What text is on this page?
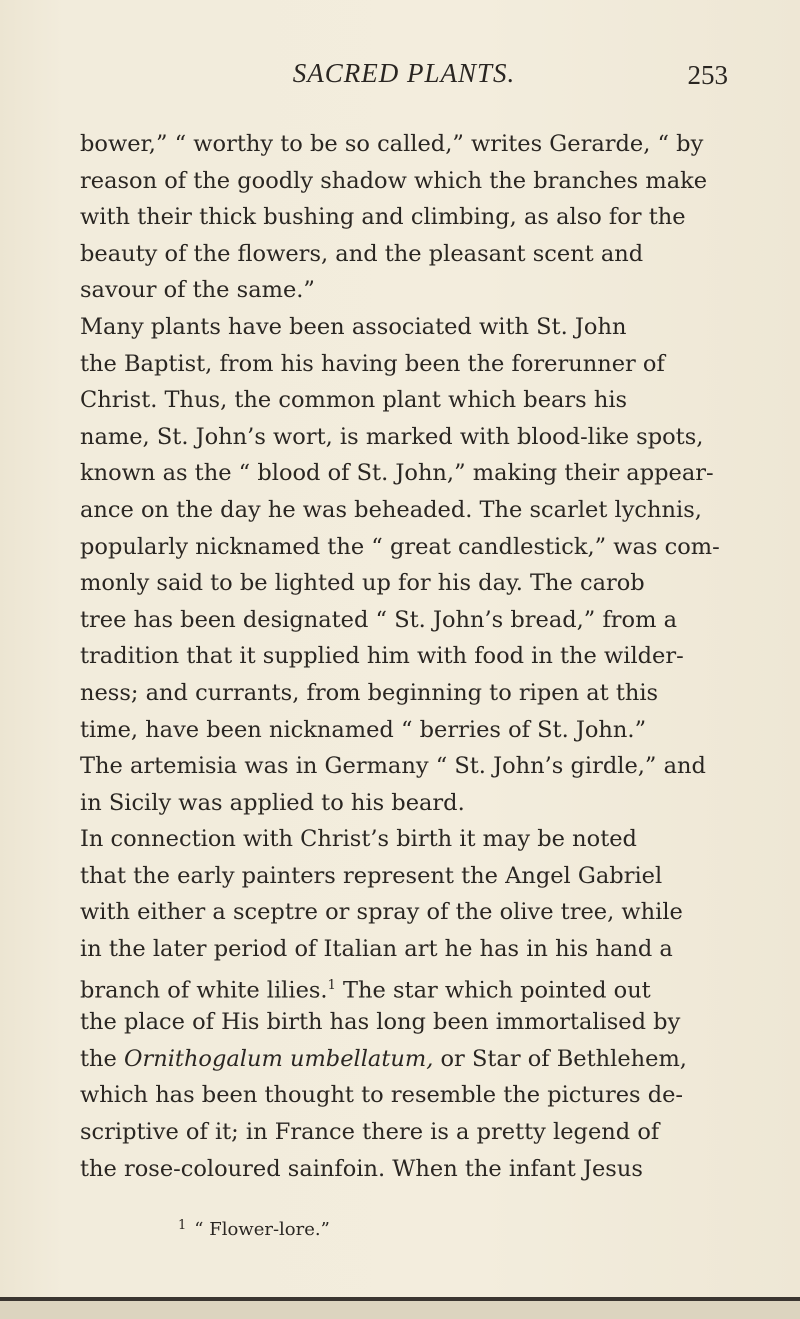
SACRED PLANTS.	253
bower,” “ worthy to be so called,” writes Gerarde, “ by
reason of the goodly shadow which the branches make
with their thick bushing and climbing, as also for the
beauty of the flowers, and the pleasant scent and
savour of the same.”
Many plants have been associated with St. John
the Baptist, from his having been the forerunner of
Christ. Thus, the common plant which bears his
name, St. John’s wort, is marked with blood-like spots,
known as the “ blood of St. John,” making their appear-
ance on the day he was beheaded. The scarlet lychnis,
popularly nicknamed the “ great candlestick,” was com-
monly said to be lighted up for his day. The carob
tree has been designated “ St. John’s bread,” from a
tradition that it supplied him with food in the wilder-
ness; and currants, from beginning to ripen at this
time, have been nicknamed “ berries of St. John.”
The artemisia was in Germany “ St. John’s girdle,” and
in Sicily was applied to his beard.
In connection with Christ’s birth it may be noted
that the early painters represent the Angel Gabriel
with either a sceptre or spray of the olive tree, while
in the later period of Italian art he has in his hand a
branch of white lilies.$^1$ The star which pointed out
the place of His birth has long been immortalised by
the Ornithogalum umbellatum, or Star of Bethlehem,
which has been thought to resemble the pictures de-
scriptive of it; in France there is a pretty legend of
the rose-coloured sainfoin. When the infant Jesus
$^1$ “ Flower-lore.”
